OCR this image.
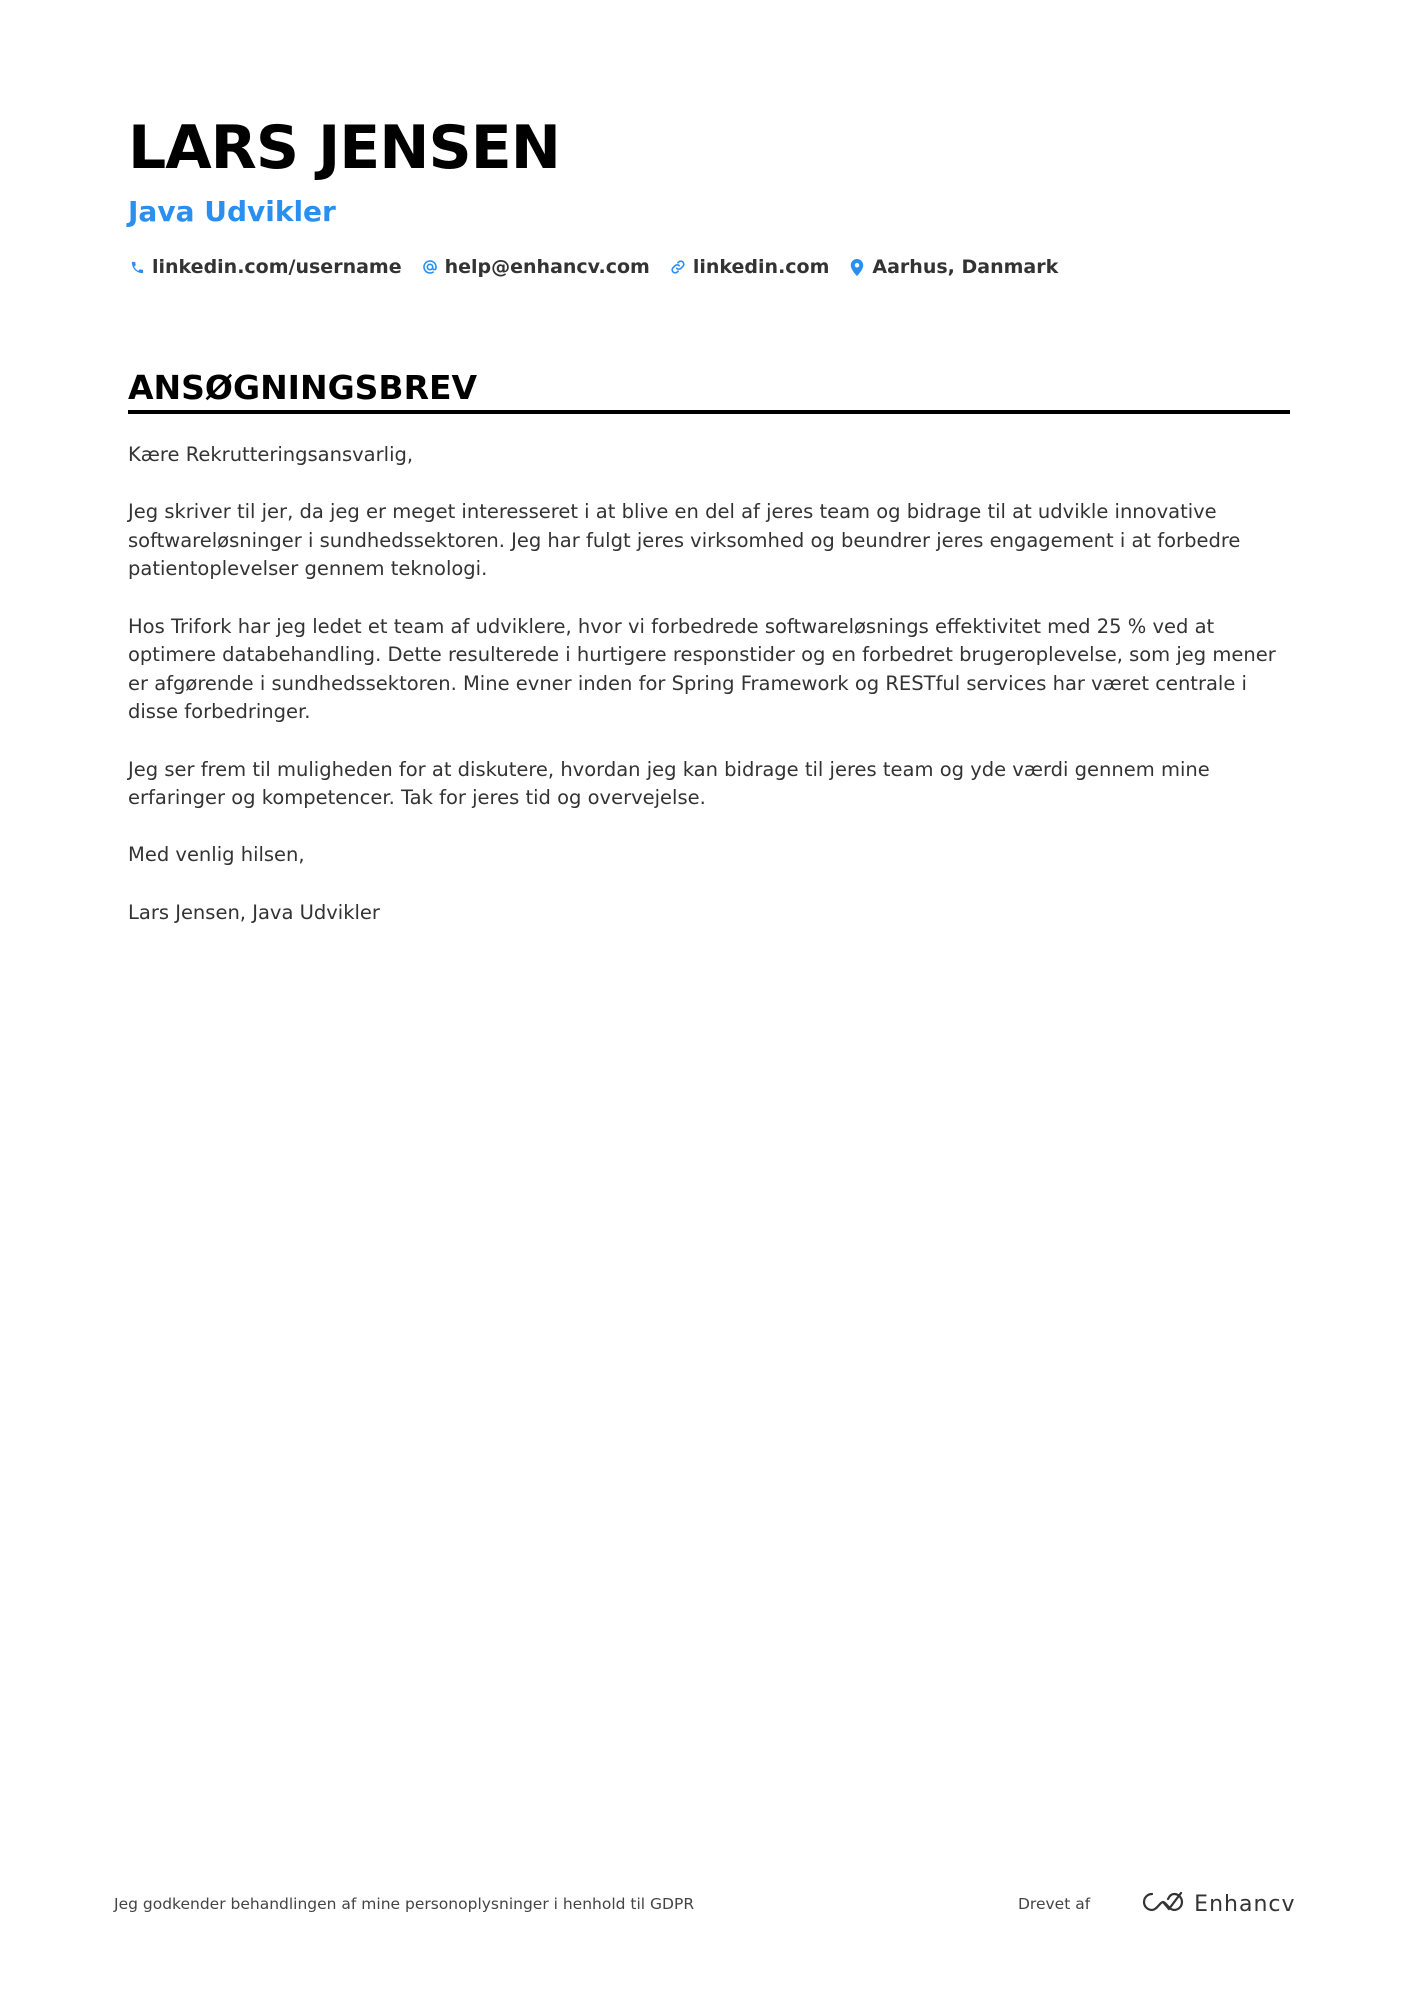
LARS JENSEN
Java Udvikler
linkedin.com/username help@enhancv.com linkedin.com Aarhus, Danmark
ANSØGNINGSBREV

Kære Rekrutteringsansvarlig,

Jeg skriver til jer, da jeg er meget interesseret i at blive en del af jeres team og bidrage til at udvikle innovative softwareløsninger i sundhedssektoren. Jeg har fulgt jeres virksomhed og beundrer jeres engagement i at forbedre patientoplevelser gennem teknologi.

Hos Trifork har jeg ledet et team af udviklere, hvor vi forbedrede softwareløsnings effektivitet med 25 % ved at optimere databehandling. Dette resulterede i hurtigere responstider og en forbedret brugeroplevelse, som jeg mener er afgørende i sundhedssektoren. Mine evner inden for Spring Framework og RESTful services har været centrale i disse forbedringer.

Jeg ser frem til muligheden for at diskutere, hvordan jeg kan bidrage til jeres team og yde værdi gennem mine erfaringer og kompetencer. Tak for jeres tid og overvejelse.

Med venlig hilsen,

Lars Jensen, Java Udvikler

Jeg godkender behandlingen af mine personoplysninger i henhold til GDPR	Drevet af	Enhancv
